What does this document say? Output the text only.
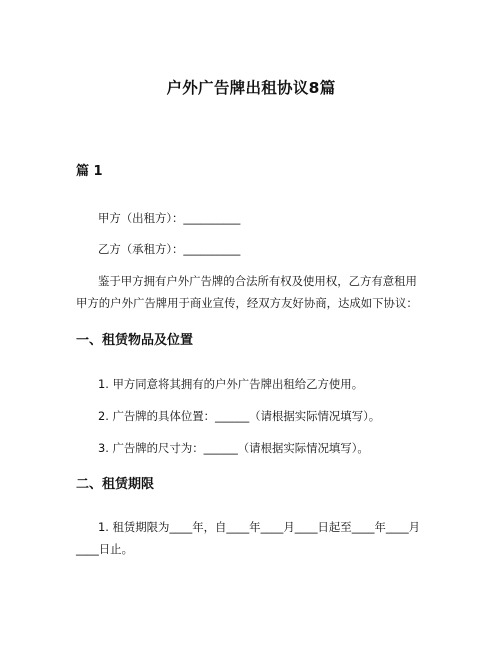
户外广告牌出租协议8篇
篇 1
甲方（出租方）：__________
乙方（承租方）：__________
鉴于甲方拥有户外广告牌的合法所有权及使用权，乙方有意租用甲方的户外广告牌用于商业宣传，经双方友好协商，达成如下协议：
一、租赁物品及位置
1. 甲方同意将其拥有的户外广告牌出租给乙方使用。
2. 广告牌的具体位置：______（请根据实际情况填写）。
3. 广告牌的尺寸为：______（请根据实际情况填写）。
二、租赁期限
1. 租赁期限为____年，自____年____月____日起至____年____月____日止。
